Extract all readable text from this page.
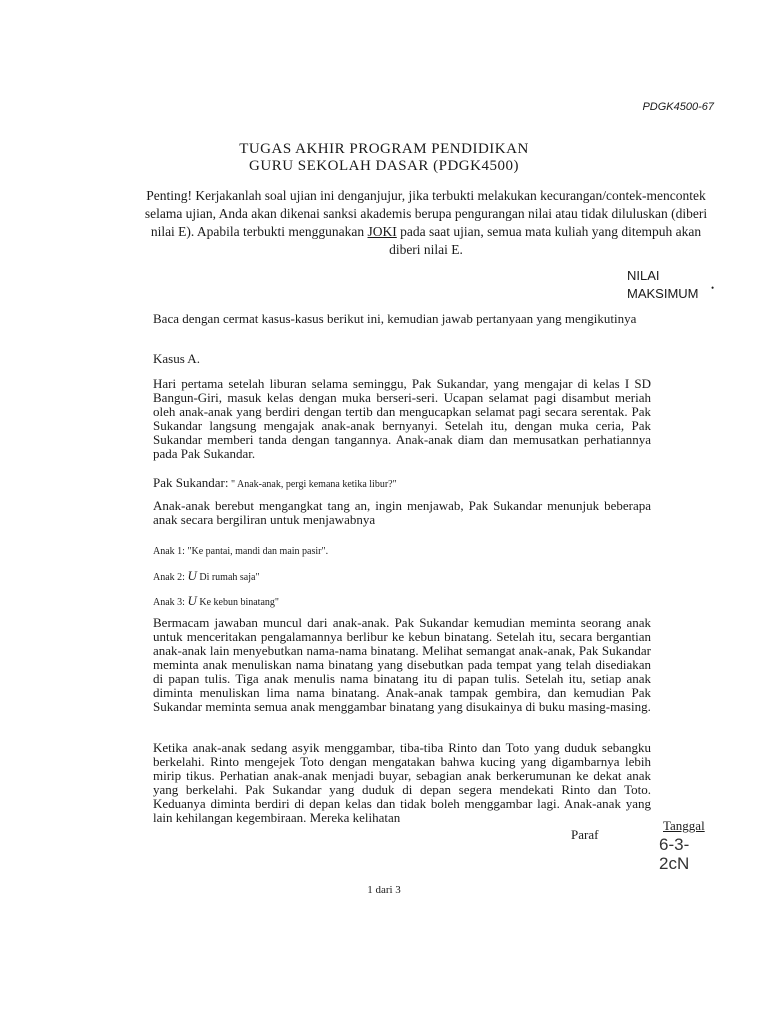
PDGK4500-67
TUGAS AKHIR PROGRAM PENDIDIKAN
GURU SEKOLAH DASAR (PDGK4500)
Penting! Kerjakanlah soal ujian ini denganjujur, jika terbukti melakukan kecurangan/contek-mencontek selama ujian, Anda akan dikenai sanksi akademis berupa pengurangan nilai atau tidak diluluskan (diberi nilai E). Apabila terbukti menggunakan JOKI pada saat ujian, semua mata kuliah yang ditempuh akan diberi nilai E.
NILAI
MAKSIMUM •
Baca dengan cermat kasus-kasus berikut ini, kemudian jawab pertanyaan yang mengikutinya
Kasus A.
Hari pertama setelah liburan selama seminggu, Pak Sukandar, yang mengajar di kelas I SD Bangun-Giri, masuk kelas dengan muka berseri-seri. Ucapan selamat pagi disambut meriah oleh anak-anak yang berdiri dengan tertib dan mengucapkan selamat pagi secara serentak. Pak Sukandar langsung mengajak anak-anak bernyanyi. Setelah itu, dengan muka ceria, Pak Sukandar memberi tanda dengan tangannya. Anak-anak diam dan memusatkan perhatiannya pada Pak Sukandar.
Pak Sukandar: " Anak-anak, pergi kemana ketika libur?"
Anak-anak berebut mengangkat tang an, ingin menjawab, Pak Sukandar menunjuk beberapa anak secara bergiliran untuk menjawabnya
Anak 1: "Ke pantai, mandi dan main pasir".
Anak 2: U Di rumah saja"
Anak 3: U Ke kebun binatang"
Bermacam jawaban muncul dari anak-anak. Pak Sukandar kemudian meminta seorang anak untuk menceritakan pengalamannya berlibur ke kebun binatang. Setelah itu, secara bergantian anak-anak lain menyebutkan nama-nama binatang. Melihat semangat anak-anak, Pak Sukandar meminta anak menuliskan nama binatang yang disebutkan pada tempat yang telah disediakan di papan tulis. Tiga anak menulis nama binatang itu di papan tulis. Setelah itu, setiap anak diminta menuliskan lima nama binatang. Anak-anak tampak gembira, dan kemudian Pak Sukandar meminta semua anak menggambar binatang yang disukainya di buku masing-masing.
Ketika anak-anak sedang asyik menggambar, tiba-tiba Rinto dan Toto yang duduk sebangku berkelahi. Rinto mengejek Toto dengan mengatakan bahwa kucing yang digambarnya lebih mirip tikus. Perhatian anak-anak menjadi buyar, sebagian anak berkerumunan ke dekat anak yang berkelahi. Pak Sukandar yang duduk di depan segera mendekati Rinto dan Toto. Keduanya diminta berdiri di depan kelas dan tidak boleh menggambar lagi. Anak-anak yang lain kehilangan kegembiraan. Mereka kelihatan
Paraf
Tanggal
6-3-
2cN
1 dari 3
